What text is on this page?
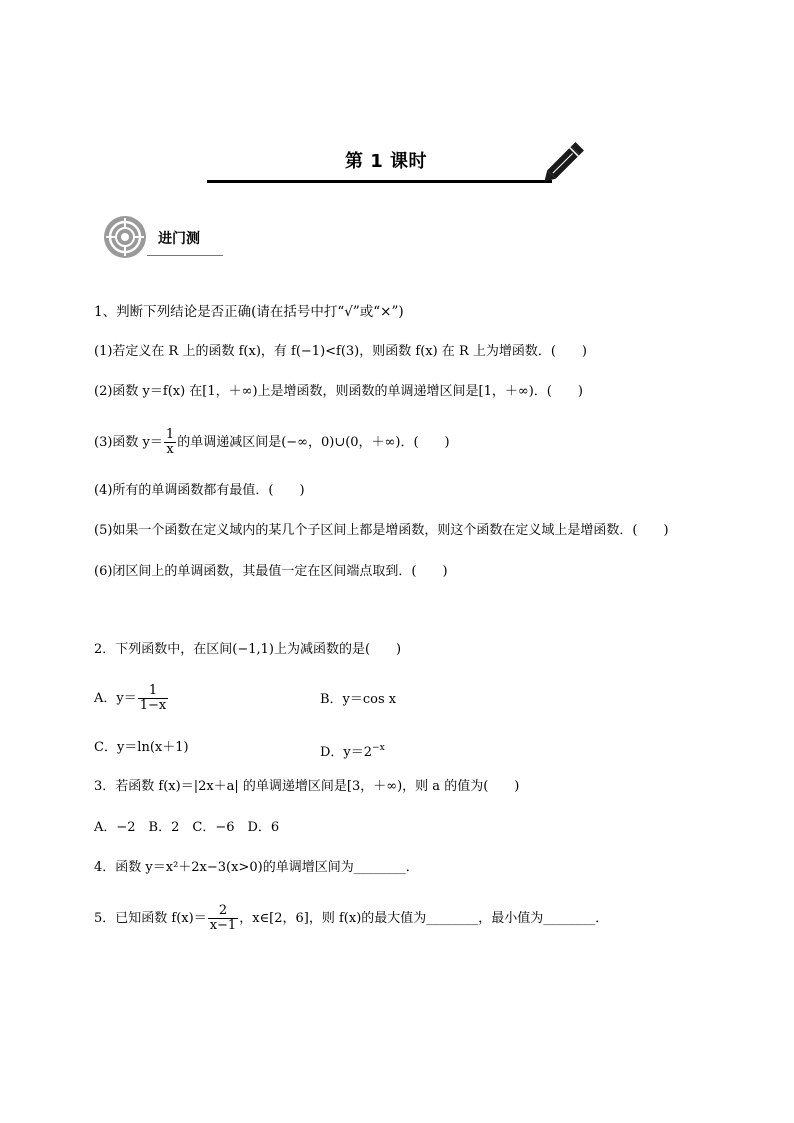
第 1 课时
进门测
1、判断下列结论是否正确(请在括号中打“√”或“×”)
(1)若定义在 R 上的函数 f(x)，有 f(−1)<f(3)，则函数 f(x) 在 R 上为增函数．(　　)
(2)函数 y＝f(x) 在[1，＋∞)上是增函数，则函数的单调递增区间是[1，＋∞)．(　　)
(3)函数 $y= \frac{1}{x}$ 的单调递减区间是(−∞，0)∪(0，＋∞)．(　　)
(4)所有的单调函数都有最值．(　　)
(5)如果一个函数在定义域内的某几个子区间上都是增函数，则这个函数在定义域上是增函数．(　　)
(6)闭区间上的单调函数，其最值一定在区间端点取到．(　　)
2．下列函数中，在区间(−1,1)上为减函数的是(　　)
A．$y= \frac{1}{1-x}$	B．y＝cos x
C．y＝ln(x＋1)	D．$y=2^{-x}$
3．若函数 f(x)＝|2x＋a| 的单调递增区间是[3，＋∞)，则 a 的值为(　　)
A．−2　B．2　C．−6　D．6
4．函数 y＝x²＋2x−3(x>0)的单调增区间为________．
5．已知函数 $f(x)= \frac{2}{x-1}$ ，x∈[2，6]，则 f(x)的最大值为________，最小值为________．
